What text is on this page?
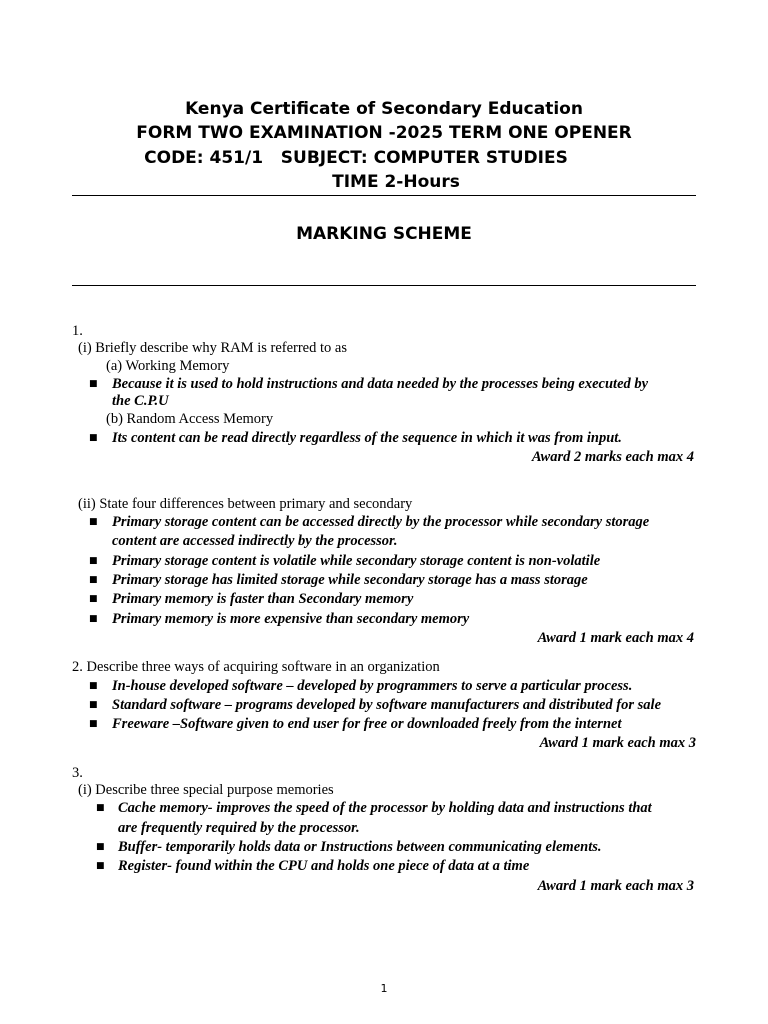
Kenya Certificate of Secondary Education
FORM TWO EXAMINATION -2025 TERM ONE OPENER
CODE: 451/1   SUBJECT: COMPUTER STUDIES
TIME 2-Hours
MARKING SCHEME
1.
(i) Briefly describe why RAM is referred to as
(a) Working Memory
■ Because it is used to hold instructions and data needed by the processes being executed by
the C.P.U
(b) Random Access Memory
■ Its content can be read directly regardless of the sequence in which it was from input.
Award 2 marks each max 4
(ii) State four differences between primary and secondary
■ Primary storage content can be accessed directly by the processor while secondary storage
content are accessed indirectly by the processor.
■ Primary storage content is volatile while secondary storage content is non-volatile
■ Primary storage has limited storage while secondary storage has a mass storage
■ Primary memory is faster than Secondary memory
■ Primary memory is more expensive than secondary memory
Award 1 mark each max 4
2. Describe three ways of acquiring software in an organization
■ In-house developed software – developed by programmers to serve a particular process.
■ Standard software – programs developed by software manufacturers and distributed for sale
■ Freeware –Software given to end user for free or downloaded freely from the internet
Award 1 mark each max 3
3.
(i) Describe three special purpose memories
■ Cache memory- improves the speed of the processor by holding data and instructions that
are frequently required by the processor.
■ Buffer- temporarily holds data or Instructions between communicating elements.
■ Register- found within the CPU and holds one piece of data at a time
Award 1 mark each max 3
1
